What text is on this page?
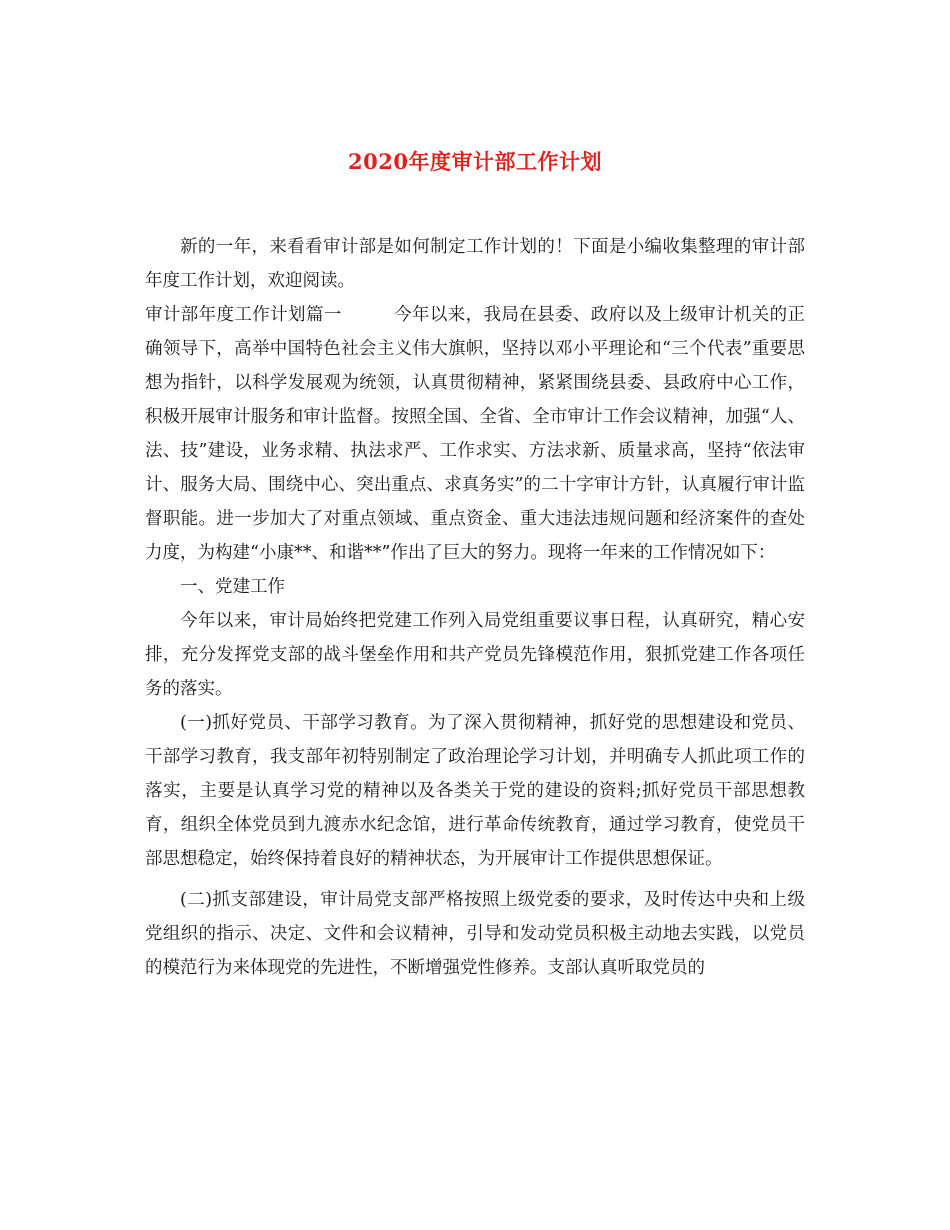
2020年度审计部工作计划

新的一年，来看看审计部是如何制定工作计划的！下面是小编收集整理的审计部年度工作计划，欢迎阅读。

审计部年度工作计划篇一	今年以来，我局在县委、政府以及上级审计机关的正确领导下，高举中国特色社会主义伟大旗帜，坚持以邓小平理论和“三个代表”重要思想为指针，以科学发展观为统领，认真贯彻精神，紧紧围绕县委、县政府中心工作，积极开展审计服务和审计监督。按照全国、全省、全市审计工作会议精神，加强“人、法、技”建设，业务求精、执法求严、工作求实、方法求新、质量求高，坚持“依法审计、服务大局、围绕中心、突出重点、求真务实”的二十字审计方针，认真履行审计监督职能。进一步加大了对重点领域、重点资金、重大违法违规问题和经济案件的查处力度，为构建“小康**、和谐**”作出了巨大的努力。现将一年来的工作情况如下：

一、党建工作

今年以来，审计局始终把党建工作列入局党组重要议事日程，认真研究，精心安排，充分发挥党支部的战斗堡垒作用和共产党员先锋模范作用，狠抓党建工作各项任务的落实。

(一)抓好党员、干部学习教育。为了深入贯彻精神，抓好党的思想建设和党员、干部学习教育，我支部年初特别制定了政治理论学习计划，并明确专人抓此项工作的落实，主要是认真学习党的精神以及各类关于党的建设的资料;抓好党员干部思想教育，组织全体党员到九渡赤水纪念馆，进行革命传统教育，通过学习教育，使党员干部思想稳定，始终保持着良好的精神状态，为开展审计工作提供思想保证。

(二)抓支部建设，审计局党支部严格按照上级党委的要求，及时传达中央和上级党组织的指示、决定、文件和会议精神，引导和发动党员积极主动地去实践，以党员的模范行为来体现党的先进性，不断增强党性修养。支部认真听取党员的
